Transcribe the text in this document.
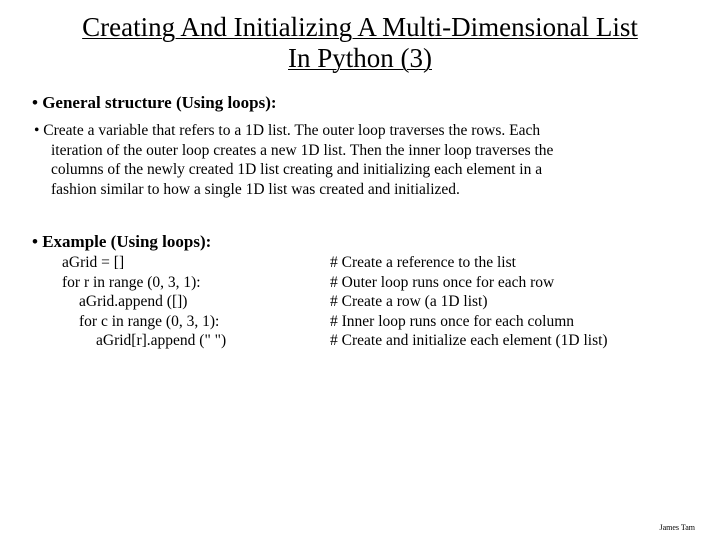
Creating And Initializing A Multi-Dimensional List
In Python (3)
• General structure (Using loops):
• Create a variable that refers to a 1D list. The outer loop traverses the rows. Each
iteration of the outer loop creates a new 1D list. Then the inner loop traverses the
columns of the newly created 1D list creating and initializing each element in a
fashion similar to how a single 1D list was created and initialized.
• Example (Using loops):
aGrid = []
for r in range (0, 3, 1):
aGrid.append ([])
for c in range (0, 3, 1):
aGrid[r].append (" ")
# Create a reference to the list
# Outer loop runs once for each row
# Create a row (a 1D list)
# Inner loop runs once for each column
# Create and initialize each element (1D list)
James Tam
